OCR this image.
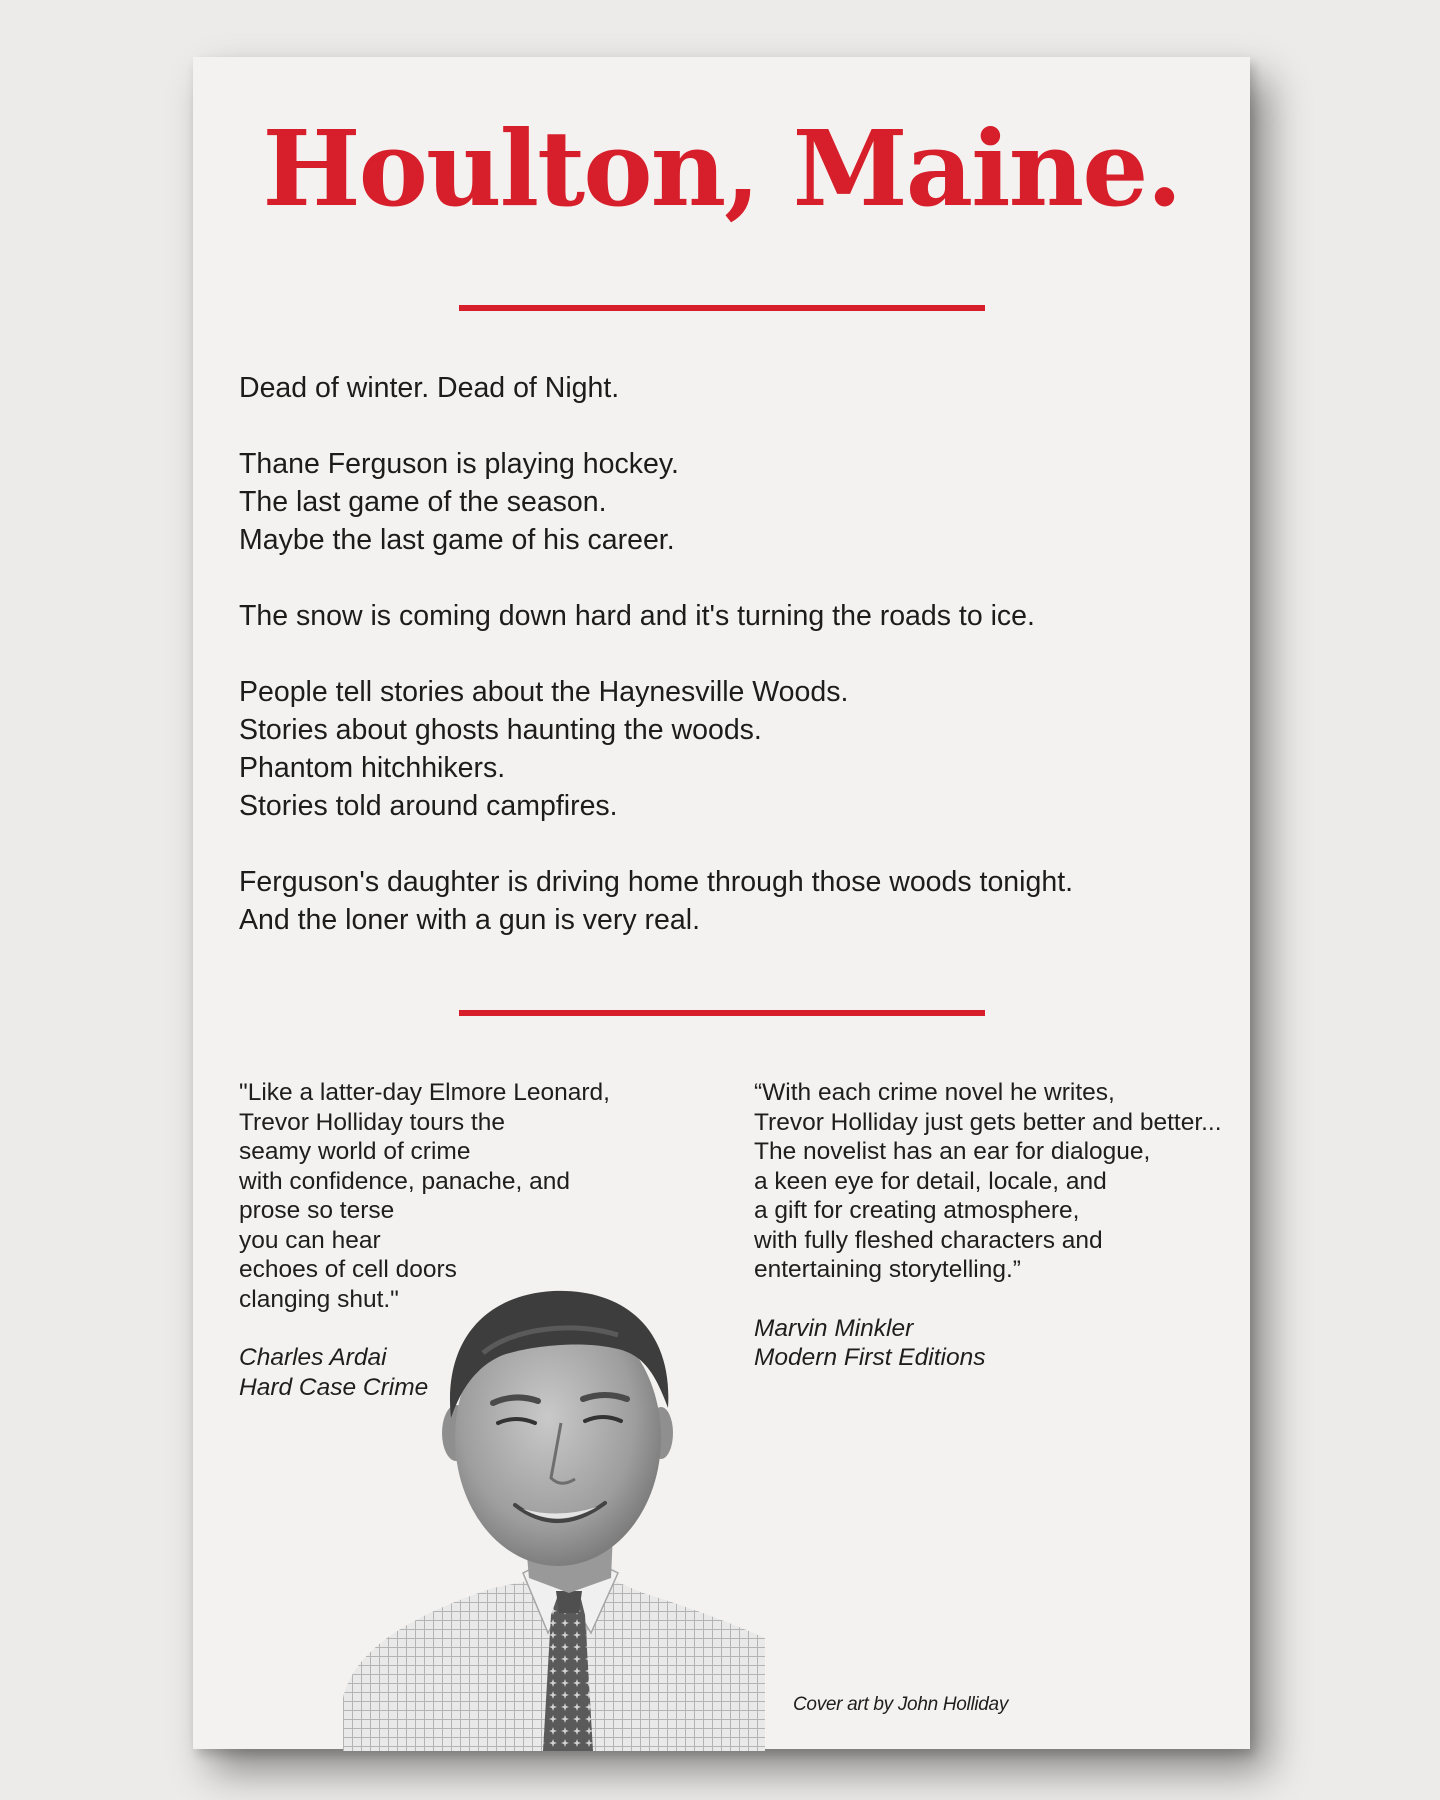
Houlton, Maine.

Dead of winter. Dead of Night.

Thane Ferguson is playing hockey.
The last game of the season.
Maybe the last game of his career.

The snow is coming down hard and it's turning the roads to ice.

People tell stories about the Haynesville Woods.
Stories about ghosts haunting the woods.
Phantom hitchhikers.
Stories told around campfires.

Ferguson's daughter is driving home through those woods tonight.
And the loner with a gun is very real.

"Like a latter-day Elmore Leonard,
Trevor Holliday tours the
seamy world of crime
with confidence, panache, and
prose so terse
you can hear
echoes of cell doors
clanging shut."
Charles Ardai
Hard Case Crime
“With each crime novel he writes,
Trevor Holliday just gets better and better...
The novelist has an ear for dialogue,
a keen eye for detail, locale, and
a gift for creating atmosphere,
with fully fleshed characters and
entertaining storytelling.”
Marvin Minkler
Modern First Editions
Cover art by John Holliday
